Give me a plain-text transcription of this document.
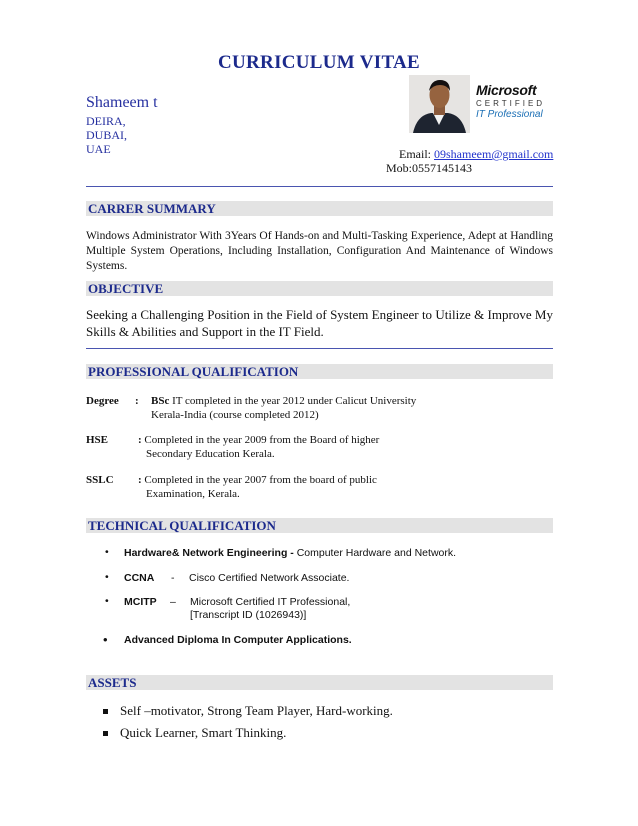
CURRICULUM VITAE
Shameem t
DEIRA,
DUBAI,
UAE
Microsoft
CERTIFIED
IT Professional
Email: 09shameem@gmail.com
Mob:0557145143
CARRER SUMMARY
Windows Administrator With 3Years Of Hands-on and Multi-Tasking Experience, Adept at Handling Multiple System Operations, Including Installation, Configuration And Maintenance of Windows Systems.
OBJECTIVE
Seeking a Challenging Position in the Field of System Engineer to Utilize & Improve My Skills & Abilities and Support in the IT Field.
PROFESSIONAL QUALIFICATION
Degree : BSc IT completed in the year 2012 under Calicut University
Kerala-India (course completed 2012)
HSE	: Completed in the year 2009 from the Board of higher
Secondary Education Kerala.
SSLC : Completed in the year 2007 from the board of public
Examination, Kerala.
TECHNICAL QUALIFICATION
• Hardware& Network Engineering - Computer Hardware and Network.
• CCNA - Cisco Certified Network Associate.
• MCITP – Microsoft Certified IT Professional,
[Transcript ID (1026943)]
• Advanced Diploma In Computer Applications.
ASSETS
Self –motivator, Strong Team Player, Hard-working.
Quick Learner, Smart Thinking.
